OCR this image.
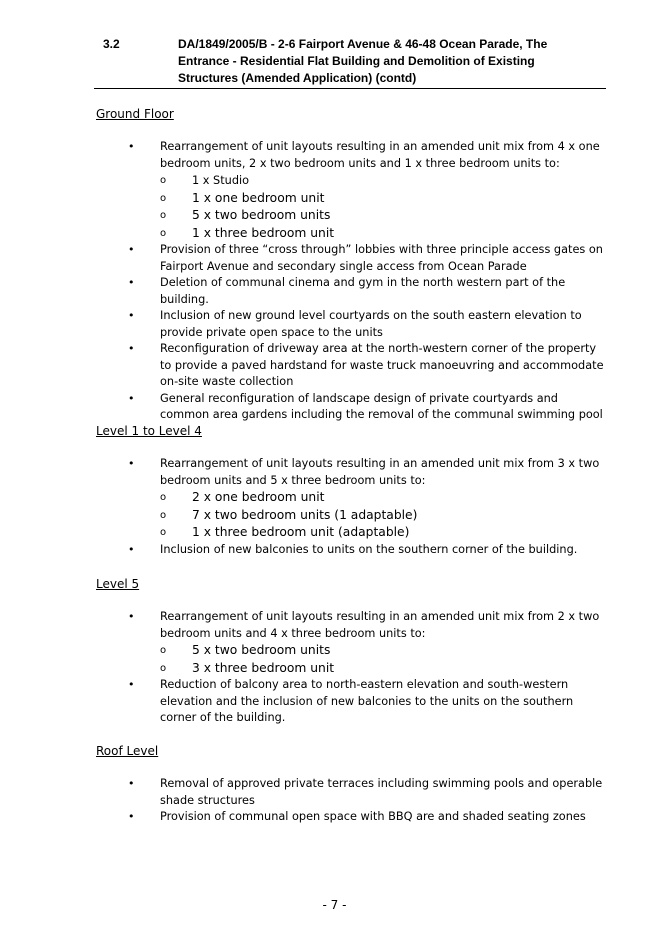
3.2	DA/1849/2005/B - 2-6 Fairport Avenue & 46-48 Ocean Parade, The Entrance - Residential Flat Building and Demolition of Existing Structures (Amended Application) (contd)
Ground Floor
• Rearrangement of unit layouts resulting in an amended unit mix from 4 x one bedroom units, 2 x two bedroom units and 1 x three bedroom units to:
o 1 x Studio
o 1 x one bedroom unit
o 5 x two bedroom units
o 1 x three bedroom unit
• Provision of three “cross through” lobbies with three principle access gates on Fairport Avenue and secondary single access from Ocean Parade
• Deletion of communal cinema and gym in the north western part of the building.
• Inclusion of new ground level courtyards on the south eastern elevation to provide private open space to the units
• Reconfiguration of driveway area at the north-western corner of the property to provide a paved hardstand for waste truck manoeuvring and accommodate on-site waste collection
• General reconfiguration of landscape design of private courtyards and common area gardens including the removal of the communal swimming pool
Level 1 to Level 4
• Rearrangement of unit layouts resulting in an amended unit mix from 3 x two bedroom units and 5 x three bedroom units to:
o 2 x one bedroom unit
o 7 x two bedroom units (1 adaptable)
o 1 x three bedroom unit (adaptable)
• Inclusion of new balconies to units on the southern corner of the building.
Level 5
• Rearrangement of unit layouts resulting in an amended unit mix from 2 x two bedroom units and 4 x three bedroom units to:
o 5 x two bedroom units
o 3 x three bedroom unit
• Reduction of balcony area to north-eastern elevation and south-western elevation and the inclusion of new balconies to the units on the southern corner of the building.
Roof Level
• Removal of approved private terraces including swimming pools and operable shade structures
• Provision of communal open space with BBQ are and shaded seating zones
- 7 -
